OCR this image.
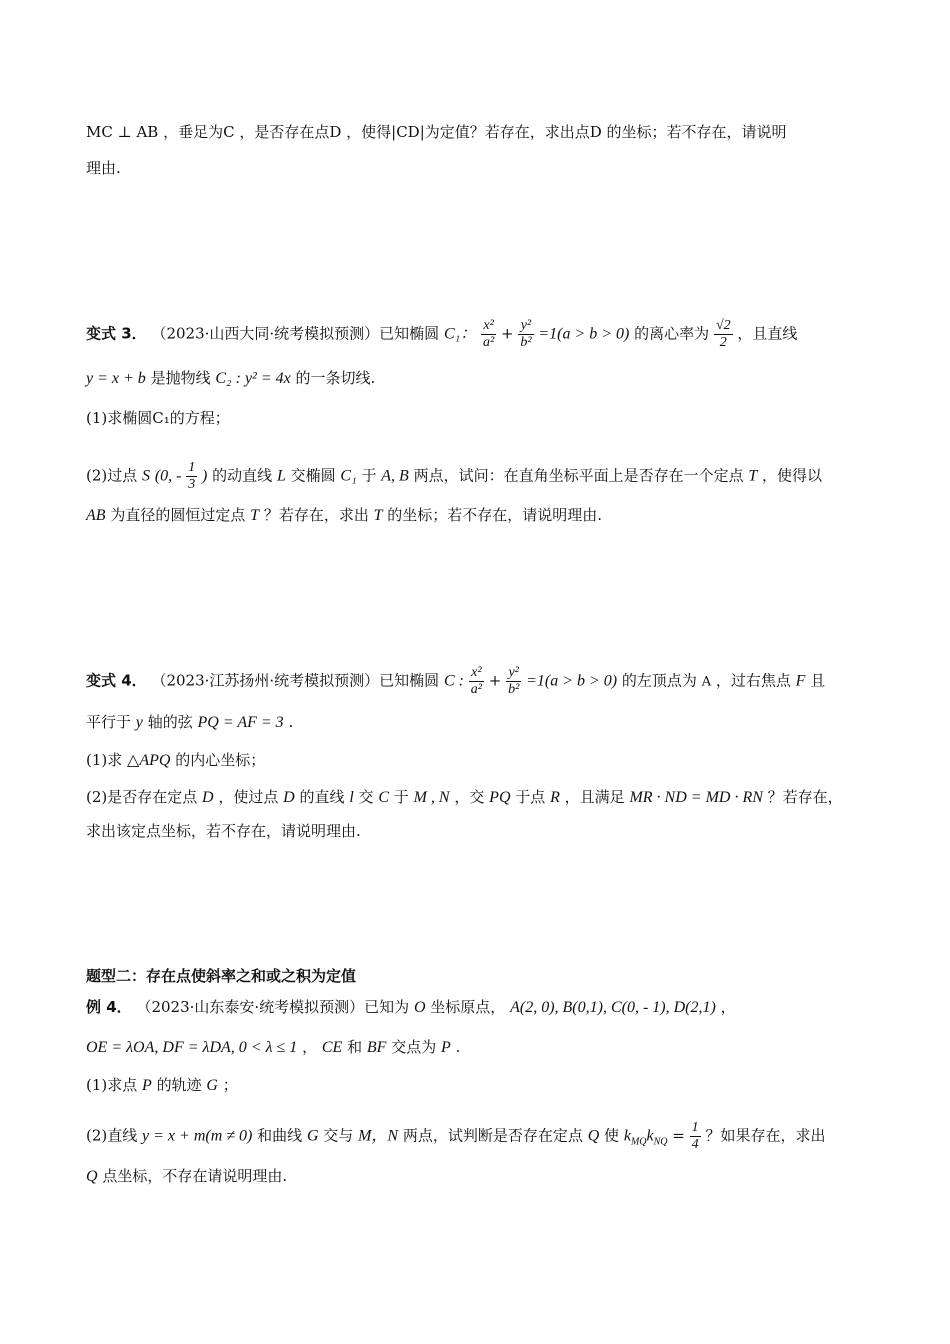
MC ⊥ AB ，垂足为C ，是否存在点D ，使得|CD|为定值？若存在，求出点D 的坐标；若不存在，请说明
理由.
变式 3． （2023·山西大同·统考模拟预测）已知椭圆 C₁： $\frac{\text{x²}}{\text{a²}} + \frac{\text{y²}}{\text{b²}} =1(a > b > 0)$ 的离心率为 $\frac{√2}{2}$ ，且直线
y = x + b 是抛物线 C₂ : y² = 4x 的一条切线.
(1)求椭圆C₁的方程；
(2)过点 S (0, - $\frac{1}{3}$ ) 的动直线 L 交椭圆 C₁ 于 A, B 两点，试问：在直角坐标平面上是否存在一个定点 T ，使得以
AB 为直径的圆恒过定点 T ？若存在，求出 T 的坐标；若不存在，请说明理由.
变式 4． （2023·江苏扬州·统考模拟预测）已知椭圆 C : $\frac{\text{x²}}{\text{a²}} + \frac{\text{y²}}{\text{b²}} =1(a > b > 0)$ 的左顶点为 A ，过右焦点 F 且
平行于 y 轴的弦 PQ = AF = 3 .
(1)求 △APQ 的内心坐标；
(2)是否存在定点 D ，使过点 D 的直线 l 交 C 于 M , N ，交 PQ 于点 R ，且满足 MR · ND = MD · RN ？若存在，
求出该定点坐标，若不存在，请说明理由.
题型二：存在点使斜率之和或之积为定值
例 4． （2023·山东泰安·统考模拟预测）已知为 O 坐标原点， A(2, 0), B(0,1), C(0, - 1), D(2,1) ，
OE = λOA, DF = λDA, 0 < λ ≤ 1 ， CE 和 BF 交点为 P .
(1)求点 P 的轨迹 G ；
(2)直线 y = x + m(m ≠ 0) 和曲线 G 交与 M，N 两点，试判断是否存在定点 Q 使 $k_{MQ}k_{NQ} = \frac{1}{4}$ ？如果存在，求出
Q 点坐标，不存在请说明理由.
